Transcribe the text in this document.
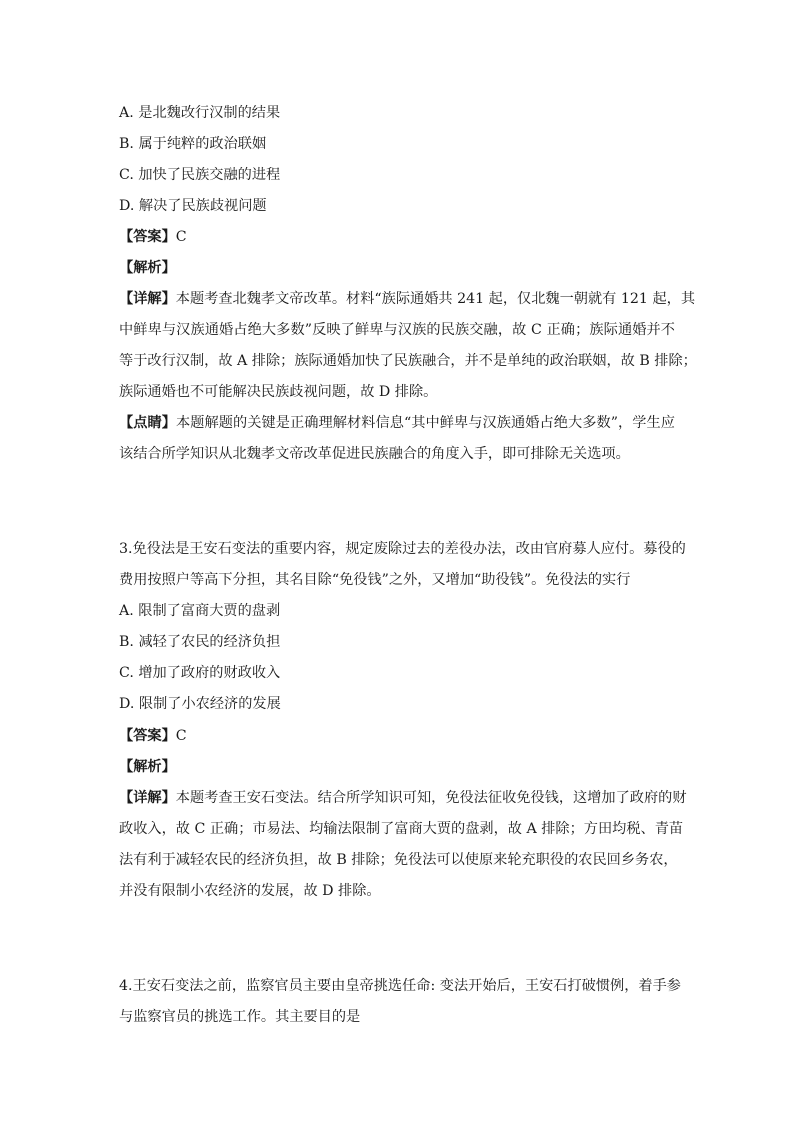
A. 是北魏改行汉制的结果
B. 属于纯粹的政治联姻
C. 加快了民族交融的进程
D. 解决了民族歧视问题
【答案】C
【解析】
【详解】本题考查北魏孝文帝改革。材料“族际通婚共 241 起，仅北魏一朝就有 121 起，其
中鲜卑与汉族通婚占绝大多数”反映了鲜卑与汉族的民族交融，故 C 正确；族际通婚并不
等于改行汉制，故 A 排除；族际通婚加快了民族融合，并不是单纯的政治联姻，故 B 排除；
族际通婚也不可能解决民族歧视问题，故 D 排除。
【点睛】本题解题的关键是正确理解材料信息“其中鲜卑与汉族通婚占绝大多数”，学生应
该结合所学知识从北魏孝文帝改革促进民族融合的角度入手，即可排除无关选项。
3.免役法是王安石变法的重要内容，规定废除过去的差役办法，改由官府募人应付。募役的
费用按照户等高下分担，其名目除“免役钱”之外，又增加“助役钱”。免役法的实行
A. 限制了富商大贾的盘剥
B. 减轻了农民的经济负担
C. 增加了政府的财政收入
D. 限制了小农经济的发展
【答案】C
【解析】
【详解】本题考查王安石变法。结合所学知识可知，免役法征收免役钱，这增加了政府的财
政收入，故 C 正确；市易法、均输法限制了富商大贾的盘剥，故 A 排除；方田均税、青苗
法有利于减轻农民的经济负担，故 B 排除；免役法可以使原来轮充职役的农民回乡务农，
并没有限制小农经济的发展，故 D 排除。
4.王安石变法之前，监察官员主要由皇帝挑选任命: 变法开始后，王安石打破惯例，着手参
与监察官员的挑选工作。其主要目的是
